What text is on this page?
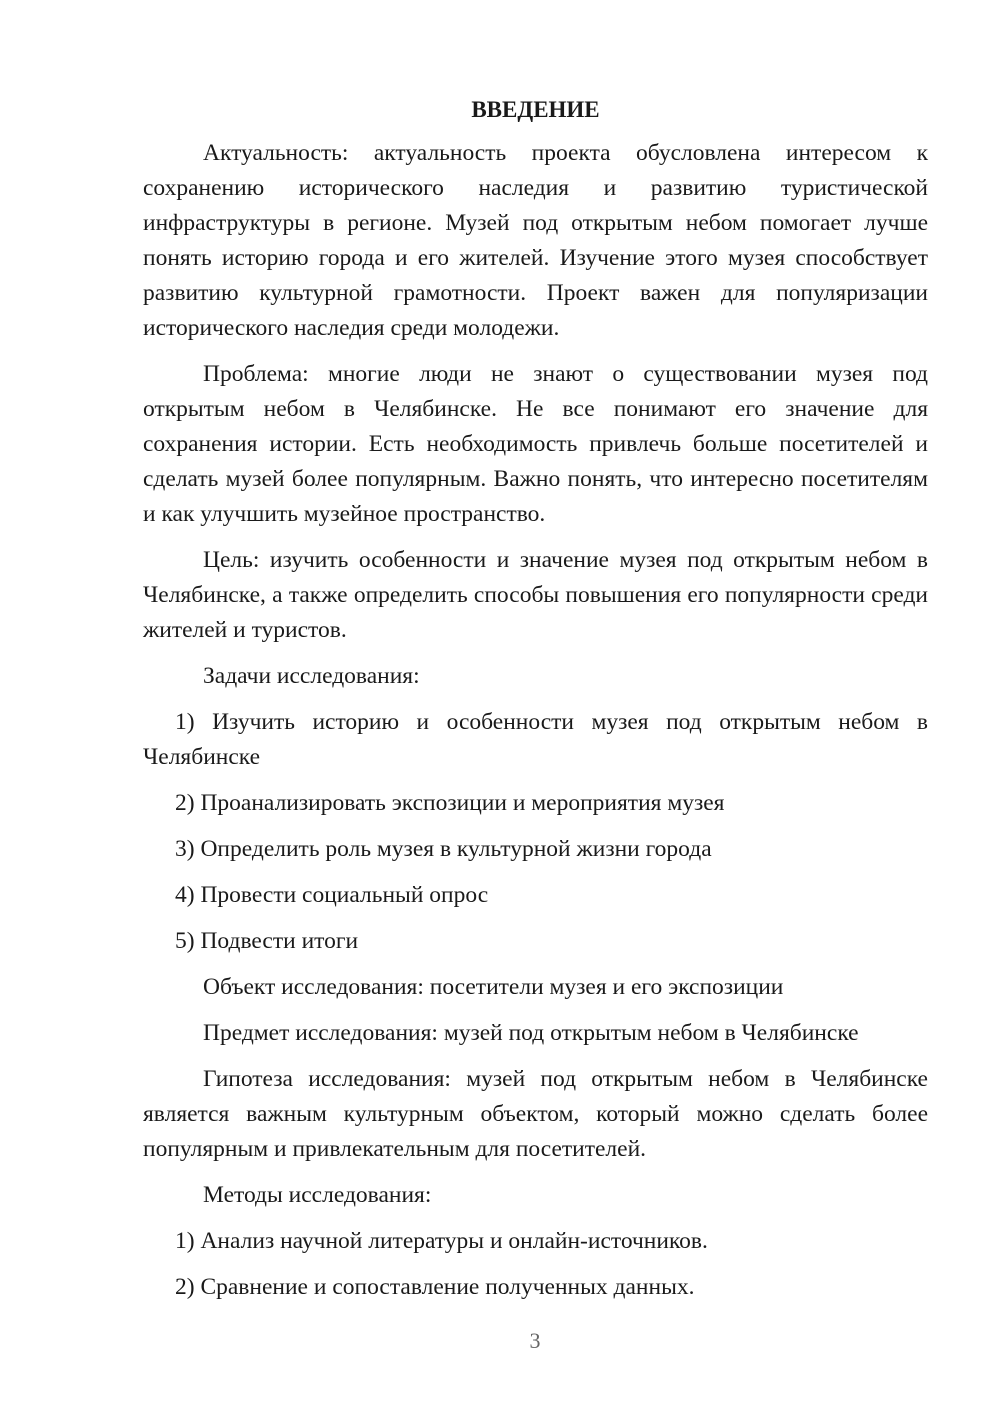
ВВЕДЕНИЕ

Актуальность: актуальность проекта обусловлена интересом к сохранению исторического наследия и развитию туристической инфраструктуры в регионе. Музей под открытым небом помогает лучше понять историю города и его жителей. Изучение этого музея способствует развитию культурной грамотности. Проект важен для популяризации исторического наследия среди молодежи.

Проблема: многие люди не знают о существовании музея под открытым небом в Челябинске. Не все понимают его значение для сохранения истории. Есть необходимость привлечь больше посетителей и сделать музей более популярным. Важно понять, что интересно посетителям и как улучшить музейное пространство.

Цель: изучить особенности и значение музея под открытым небом в Челябинске, а также определить способы повышения его популярности среди жителей и туристов.

Задачи исследования:

1) Изучить историю и особенности музея под открытым небом в Челябинске

2) Проанализировать экспозиции и мероприятия музея

3) Определить роль музея в культурной жизни города

4) Провести социальный опрос

5) Подвести итоги

Объект исследования: посетители музея и его экспозиции

Предмет исследования: музей под открытым небом в Челябинске

Гипотеза исследования: музей под открытым небом в Челябинске является важным культурным объектом, который можно сделать более популярным и привлекательным для посетителей.

Методы исследования:

1) Анализ научной литературы и онлайн-источников.

2) Сравнение и сопоставление полученных данных.

3
